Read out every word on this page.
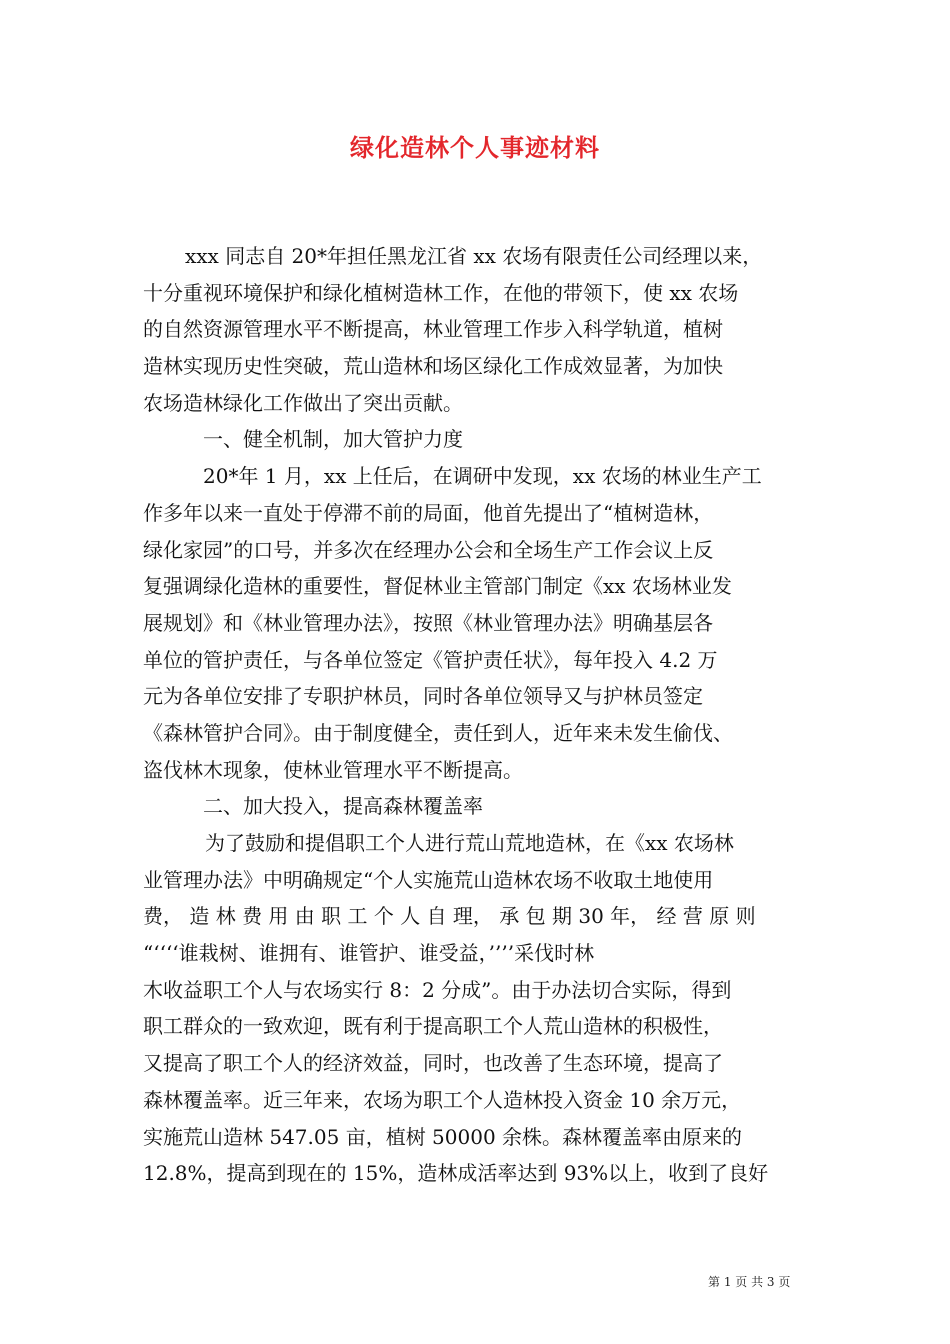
绿化造林个人事迹材料
xxx 同志自 20*年担任黑龙江省 xx 农场有限责任公司经理以来，
十分重视环境保护和绿化植树造林工作，在他的带领下，使 xx 农场
的自然资源管理水平不断提高，林业管理工作步入科学轨道，植树
造林实现历史性突破，荒山造林和场区绿化工作成效显著，为加快
农场造林绿化工作做出了突出贡献。
一、健全机制，加大管护力度
20*年 1 月，xx 上任后，在调研中发现，xx 农场的林业生产工
作多年以来一直处于停滞不前的局面，他首先提出了“植树造林，
绿化家园”的口号，并多次在经理办公会和全场生产工作会议上反
复强调绿化造林的重要性，督促林业主管部门制定《xx 农场林业发
展规划》和《林业管理办法》，按照《林业管理办法》明确基层各
单位的管护责任，与各单位签定《管护责任状》，每年投入 4.2 万
元为各单位安排了专职护林员，同时各单位领导又与护林员签定
《森林管护合同》。由于制度健全，责任到人，近年来未发生偷伐、
盗伐林木现象，使林业管理水平不断提高。
二、加大投入，提高森林覆盖率
为了鼓励和提倡职工个人进行荒山荒地造林，在《xx 农场林
业管理办法》中明确规定“个人实施荒山造林农场不收取土地使用
费， 造 林 费 用 由 职 工 个 人 自 理， 承 包 期 30 年， 经 营 原 则
“‘‘‘‘谁栽树、谁拥有、谁管护、谁受益，’’’’采伐时林
木收益职工个人与农场实行 8：2 分成”。由于办法切合实际，得到
职工群众的一致欢迎，既有利于提高职工个人荒山造林的积极性，
又提高了职工个人的经济效益，同时，也改善了生态环境，提高了
森林覆盖率。近三年来，农场为职工个人造林投入资金 10 余万元，
实施荒山造林 547.05 亩，植树 50000 余株。森林覆盖率由原来的
12.8%，提高到现在的 15%，造林成活率达到 93%以上，收到了良好
第 1 页 共 3 页
